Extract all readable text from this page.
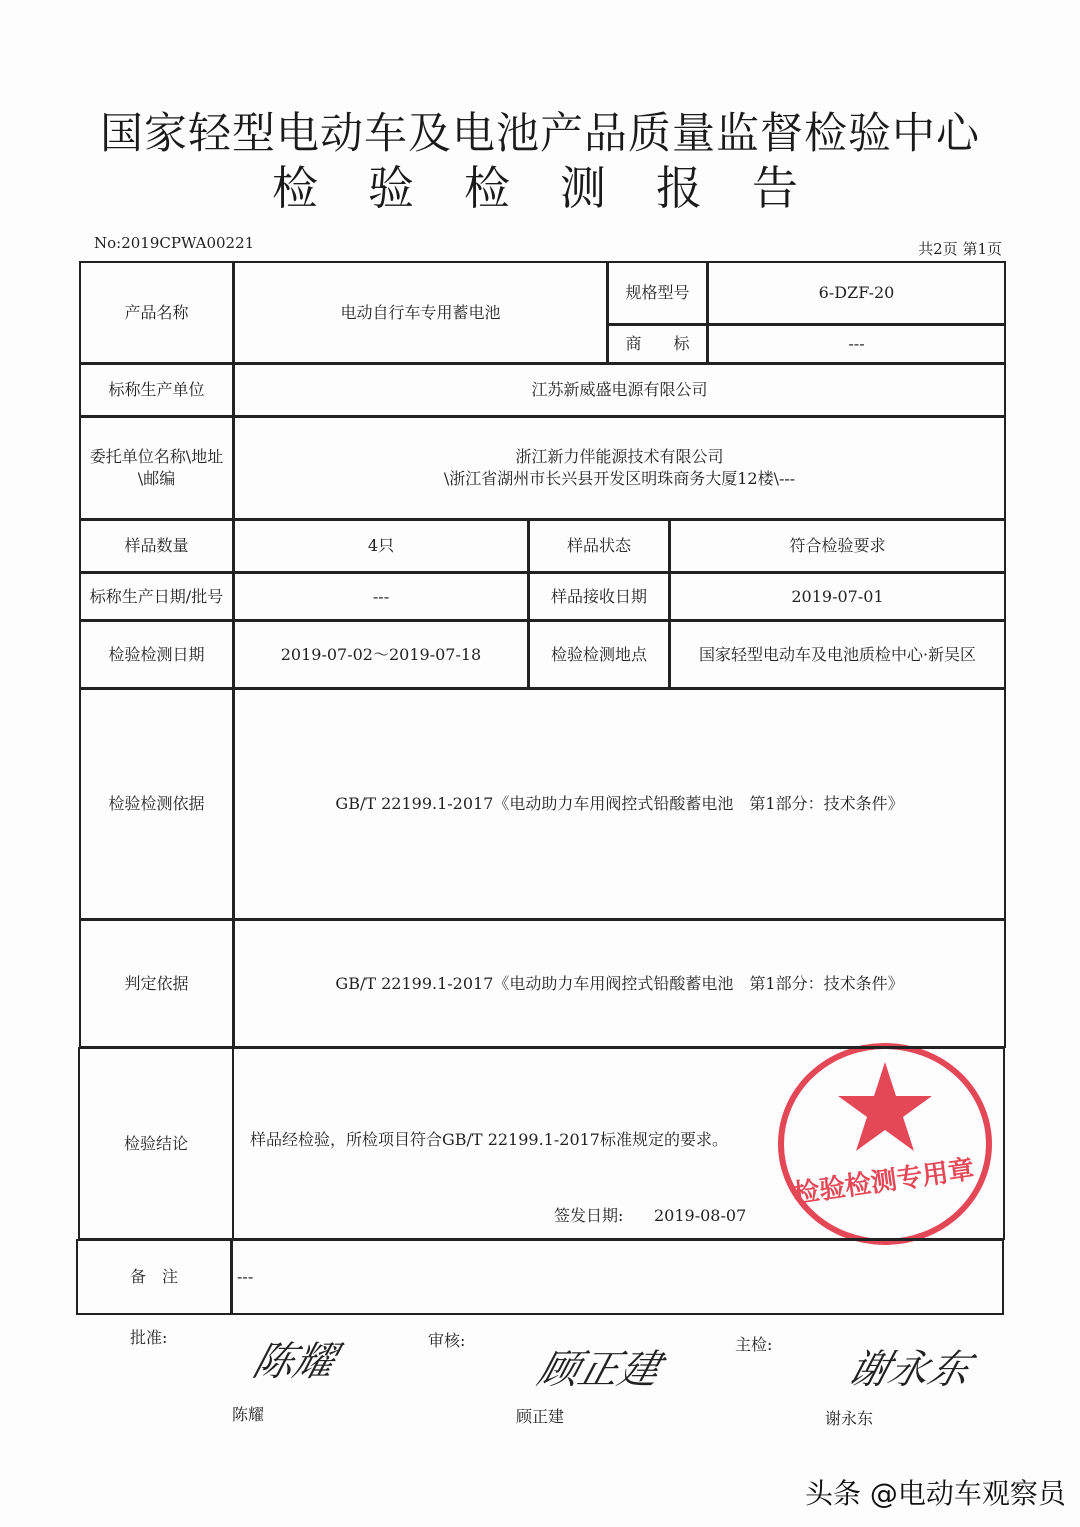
检验检测专用章
国家轻型电动车及电池产品质量监督检验中心
检验检测报告
No:2019CPWA00221	共2页 第1页
产品名称	电动自行车专用蓄电池
规格型号	6-DZF-20
商　　标	---
标称生产单位	江苏新威盛电源有限公司
委托单位名称\地址\邮编
浙江新力伴能源技术有限公司
\浙江省湖州市长兴县开发区明珠商务大厦12楼\---
样品数量	4只	样品状态	符合检验要求
标称生产日期/批号	---	样品接收日期	2019-07-01
检验检测日期	2019-07-02～2019-07-18	检验检测地点	国家轻型电动车及电池质检中心·新吴区
检验检测依据	GB/T 22199.1-2017《电动助力车用阀控式铅酸蓄电池　第1部分：技术条件》
判定依据	GB/T 22199.1-2017《电动助力车用阀控式铅酸蓄电池　第1部分：技术条件》
检验结论	样品经检验，所检项目符合GB/T 22199.1-2017标准规定的要求。
签发日期: 2019-08-07
备　注	---
批准:
陈耀
陈耀
审核:
顾正建
顾正建
主检:
谢永东
谢永东
头条 @电动车观察员
